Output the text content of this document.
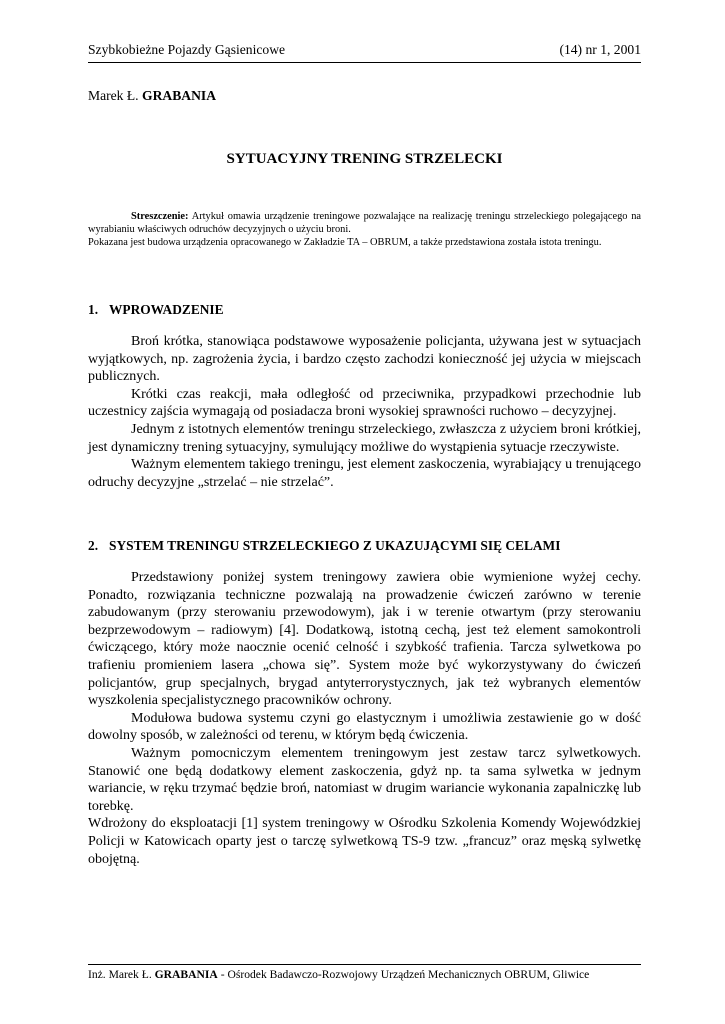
Szybkobieżne Pojazdy Gąsienicowe	(14) nr 1, 2001
Marek Ł. GRABANIA
SYTUACYJNY TRENING STRZELECKI

Streszczenie: Artykuł omawia urządzenie treningowe pozwalające na realizację treningu strzeleckiego polegającego na wyrabianiu właściwych odruchów decyzyjnych o użyciu broni.

Pokazana jest budowa urządzenia opracowanego w Zakładzie TA – OBRUM, a także przedstawiona została istota treningu.

1. WPROWADZENIE

Broń krótka, stanowiąca podstawowe wyposażenie policjanta, używana jest w sytuacjach wyjątkowych, np. zagrożenia życia, i bardzo często zachodzi konieczność jej użycia w miejscach publicznych.

Krótki czas reakcji, mała odległość od przeciwnika, przypadkowi przechodnie lub uczestnicy zajścia wymagają od posiadacza broni wysokiej sprawności ruchowo – decyzyjnej.

Jednym z istotnych elementów treningu strzeleckiego, zwłaszcza z użyciem broni krótkiej, jest dynamiczny trening sytuacyjny, symulujący możliwe do wystąpienia sytuacje rzeczywiste.

Ważnym elementem takiego treningu, jest element zaskoczenia, wyrabiający u trenującego odruchy decyzyjne „strzelać – nie strzelać”.

2. SYSTEM TRENINGU STRZELECKIEGO Z UKAZUJĄCYMI SIĘ CELAMI

Przedstawiony poniżej system treningowy zawiera obie wymienione wyżej cechy. Ponadto, rozwiązania techniczne pozwalają na prowadzenie ćwiczeń zarówno w terenie zabudowanym (przy sterowaniu przewodowym), jak i w terenie otwartym (przy sterowaniu bezprzewodowym – radiowym) [4]. Dodatkową, istotną cechą, jest też element samokontroli ćwiczącego, który może naocznie ocenić celność i szybkość trafienia. Tarcza sylwetkowa po trafieniu promieniem lasera „chowa się”. System może być wykorzystywany do ćwiczeń policjantów, grup specjalnych, brygad antyterrorystycznych, jak też wybranych elementów wyszkolenia specjalistycznego pracowników ochrony.

Modułowa budowa systemu czyni go elastycznym i umożliwia zestawienie go w dość dowolny sposób, w zależności od terenu, w którym będą ćwiczenia.

Ważnym pomocniczym elementem treningowym jest zestaw tarcz sylwetkowych. Stanowić one będą dodatkowy element zaskoczenia, gdyż np. ta sama sylwetka w jednym wariancie, w ręku trzymać będzie broń, natomiast w drugim wariancie wykonania zapalniczkę lub torebkę.

Wdrożony do eksploatacji [1] system treningowy w Ośrodku Szkolenia Komendy Wojewódzkiej Policji w Katowicach oparty jest o tarczę sylwetkową TS-9 tzw. „francuz” oraz męską sylwetkę obojętną.

Inż. Marek Ł. GRABANIA - Ośrodek Badawczo-Rozwojowy Urządzeń Mechanicznych OBRUM, Gliwice
